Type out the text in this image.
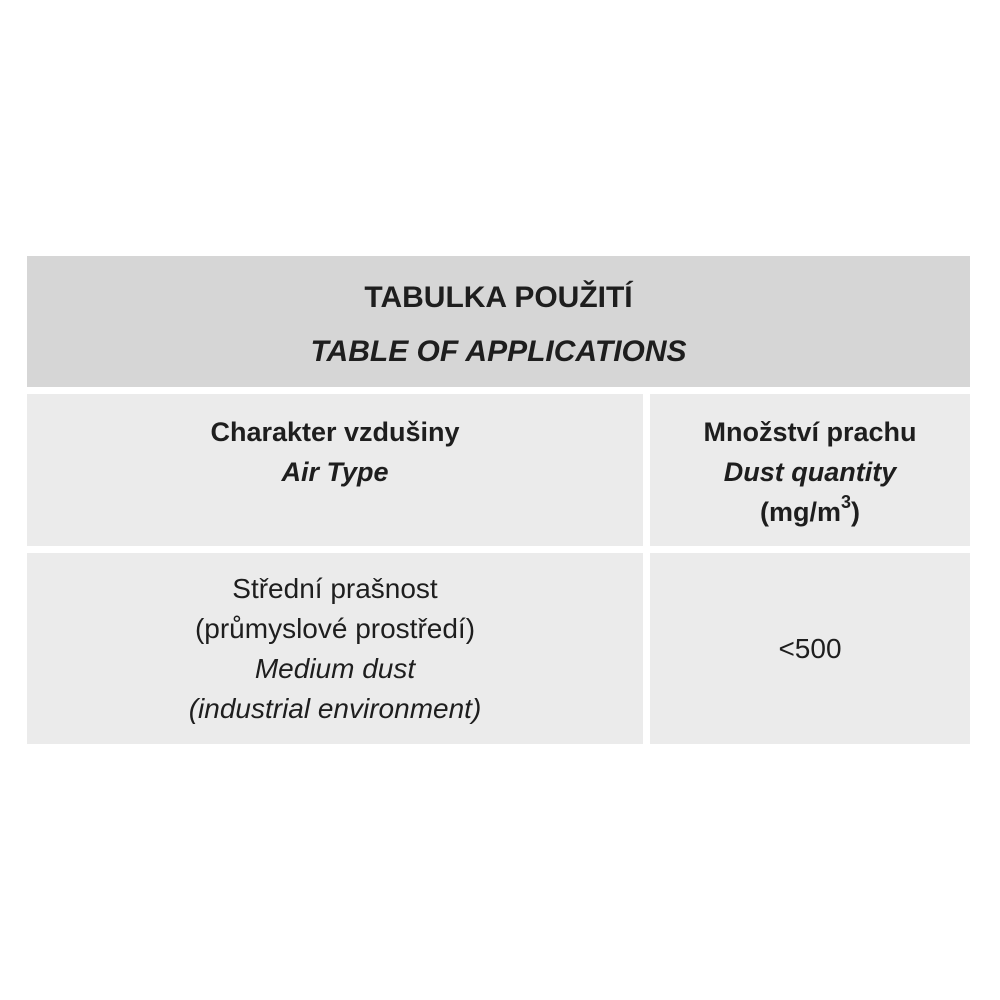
TABULKA POUŽITÍ
TABLE OF APPLICATIONS
Charakter vzdušiny
Air Type
Množství prachu
Dust quantity
$(mg/m^3)$
Střední prašnost
(průmyslové prostředí)
Medium dust
(industrial environment)
<500
